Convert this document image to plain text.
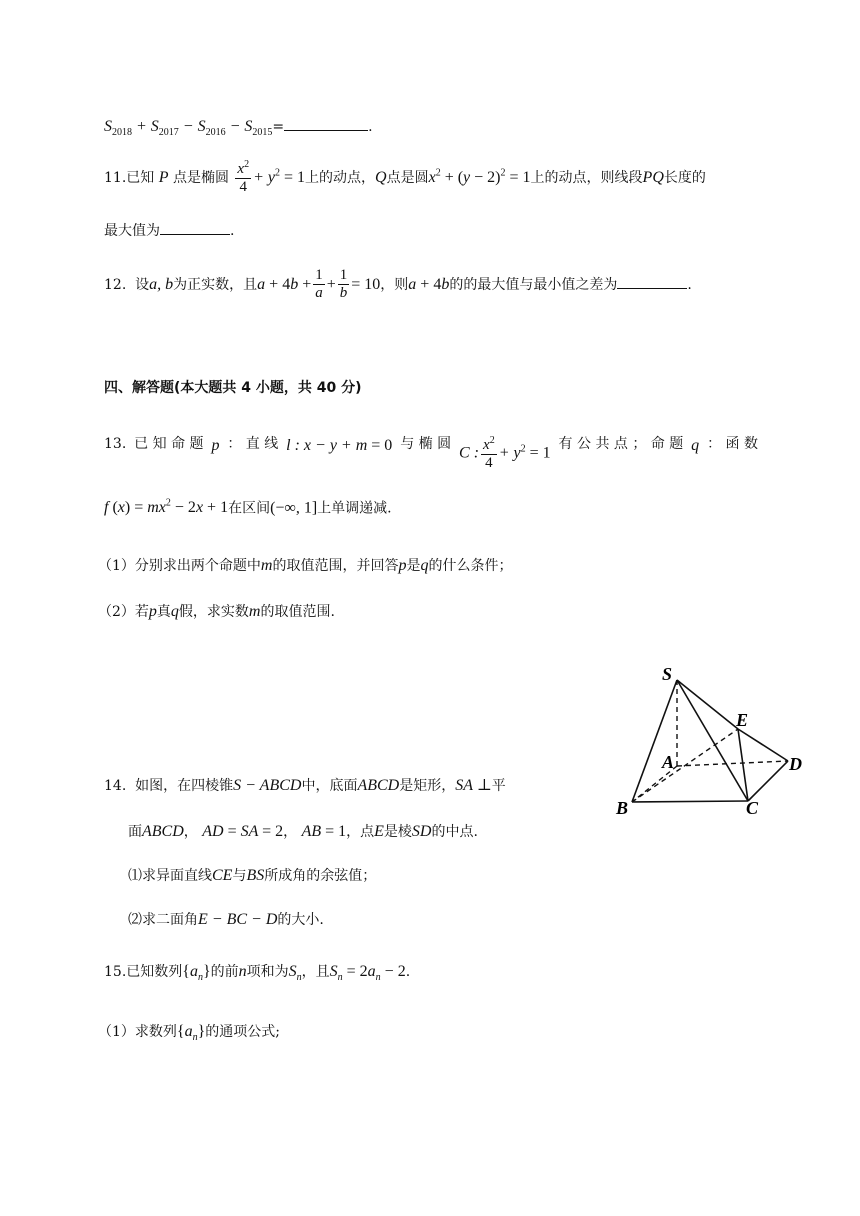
$S_{2018} + S_{2017} - S_{2016} - S_{2015}=$	.
11.已知 P 点是椭圆 $\frac{x^2}{4} + y^2 = 1$上的动点，Q点是圆$x^2 + (y - 2)^2 = 1$上的动点，则线段PQ长度的
最大值为	.
12. 设a, b为正实数，且$a + 4b + \frac{1}{a} + \frac{1}{b} = 10$，则a + 4b的的最大值与最小值之差为	.
四、解答题(本大题共 4 小题，共 40 分)
13. 已 知 命 题 p ： 直 线 l : x − y + m = 0 与 椭 圆
C : $\frac{x^2}{4} + y^2 = 1$
有 公 共 点 ； 命 题 q ： 函 数
f $(x) = mx^2 - 2x + 1$在区间(−∞, 1]上单调递减.
（1）分别求出两个命题中m的取值范围，并回答p是q的什么条件；
（2）若p真q假，求实数m的取值范围.
S
E
A	D
B	C
14. 如图，在四棱锥S − ABCD中，底面ABCD是矩形，SA ⊥平
面ABCD， AD = SA = 2， AB = 1，点E是棱SD的中点.
⑴求异面直线CE与BS所成角的余弦值；
⑵求二面角E − BC − D的大小.
15.已知数列$\{a_n\}$的前n项和为$S_n$，且$S_n = 2a_n - 2$.
（1）求数列$\{a_n\}$的通项公式;
